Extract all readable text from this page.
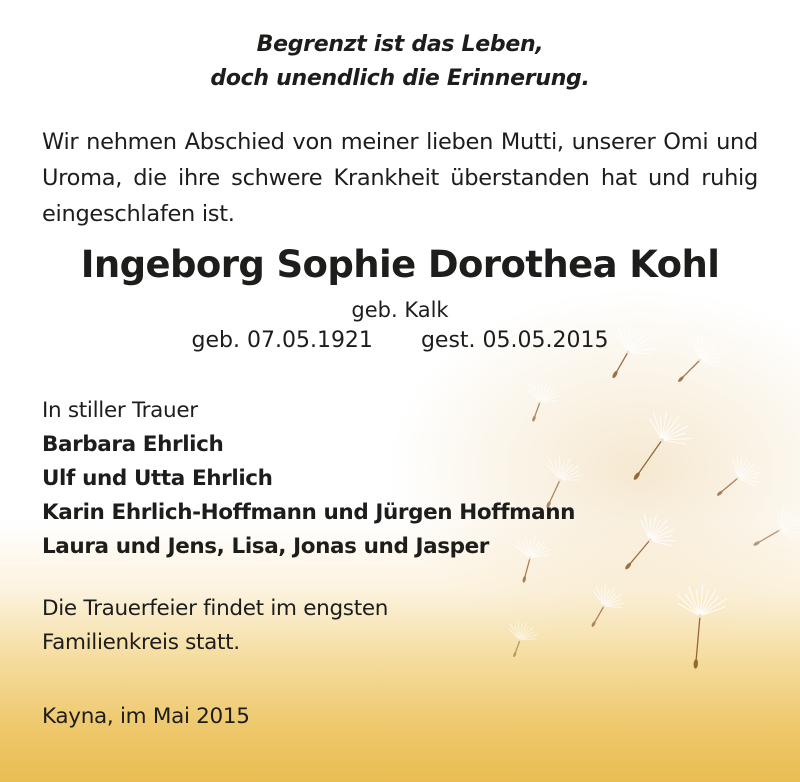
Begrenzt ist das Leben,
doch unendlich die Erinnerung.
Wir nehmen Abschied von meiner lieben Mutti, unserer Omi und Uroma, die ihre schwere Krankheit überstanden hat und ruhig eingeschlafen ist.
Ingeborg Sophie Dorothea Kohl
geb. Kalk
geb. 07.05.1921 gest. 05.05.2015
In stiller Trauer
Barbara Ehrlich
Ulf und Utta Ehrlich
Karin Ehrlich-Hoffmann und Jürgen Hoffmann
Laura und Jens, Lisa, Jonas und Jasper
Die Trauerfeier findet im engsten
Familienkreis statt.
Kayna, im Mai 2015
